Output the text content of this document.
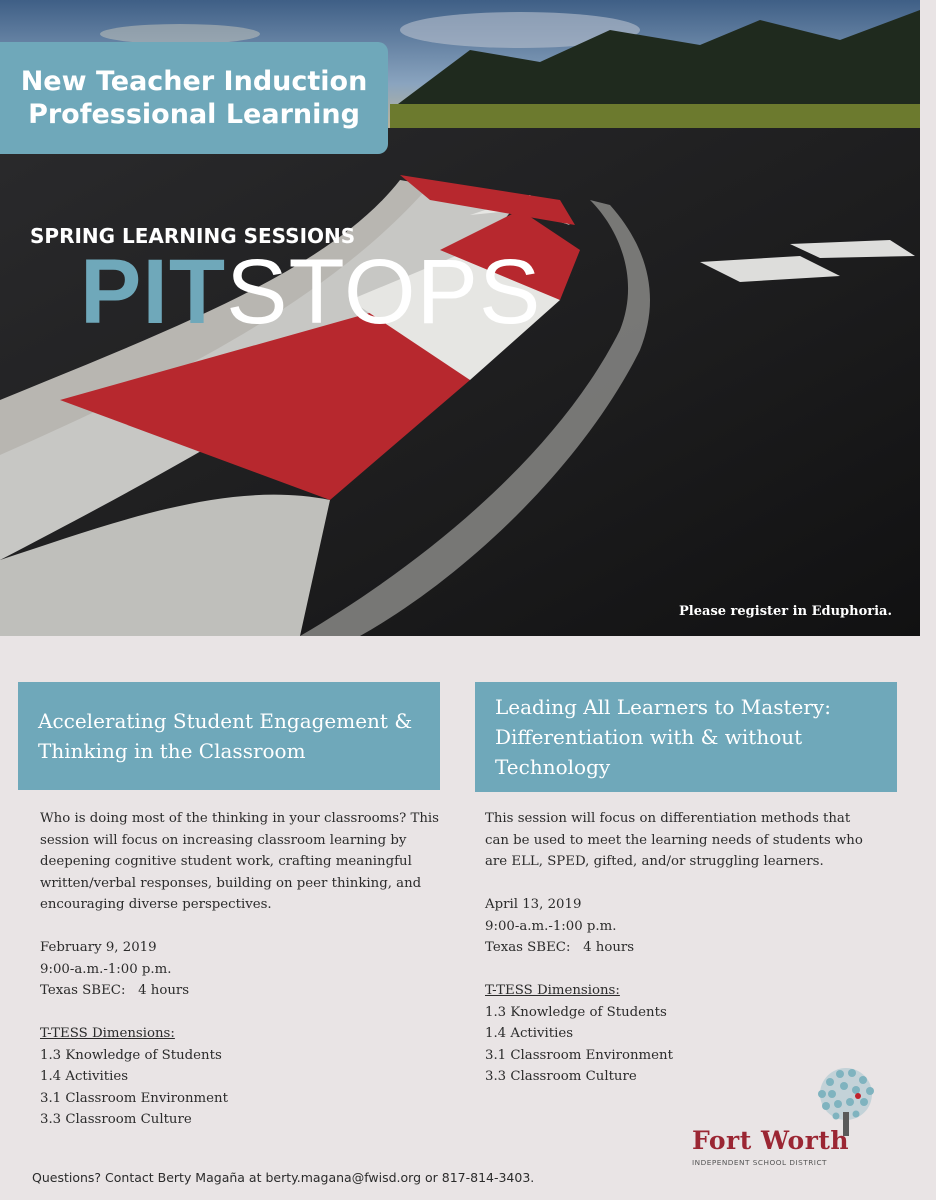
New Teacher Induction
Professional Learning
SPRING LEARNING SESSIONS
PITSTOPS
Please register in Eduphoria.
Accelerating Student Engagement & Thinking in the Classroom

Who is doing most of the thinking in your classrooms? This session will focus on increasing classroom learning by deepening cognitive student work, crafting meaningful written/verbal responses, building on peer thinking, and encouraging diverse perspectives.

February 9, 2019

9:00-a.m.-1:00 p.m.

Texas SBEC:   4 hours

T-TESS Dimensions:

1.3 Knowledge of Students
1.4 Activities
3.1 Classroom Environment
3.3 Classroom Culture
Leading All Learners to Mastery: Differentiation with & without Technology

This session will focus on differentiation methods that can be used to meet the learning needs of students who are ELL, SPED, gifted, and/or struggling learners.

April 13, 2019

9:00-a.m.-1:00 p.m.

Texas SBEC:   4 hours

T-TESS Dimensions:

1.3 Knowledge of Students
1.4 Activities
3.1 Classroom Environment
3.3 Classroom Culture
Fort Worth
INDEPENDENT SCHOOL DISTRICT
Questions? Contact Berty Magaña at berty.magana@fwisd.org or 817-814-3403.
